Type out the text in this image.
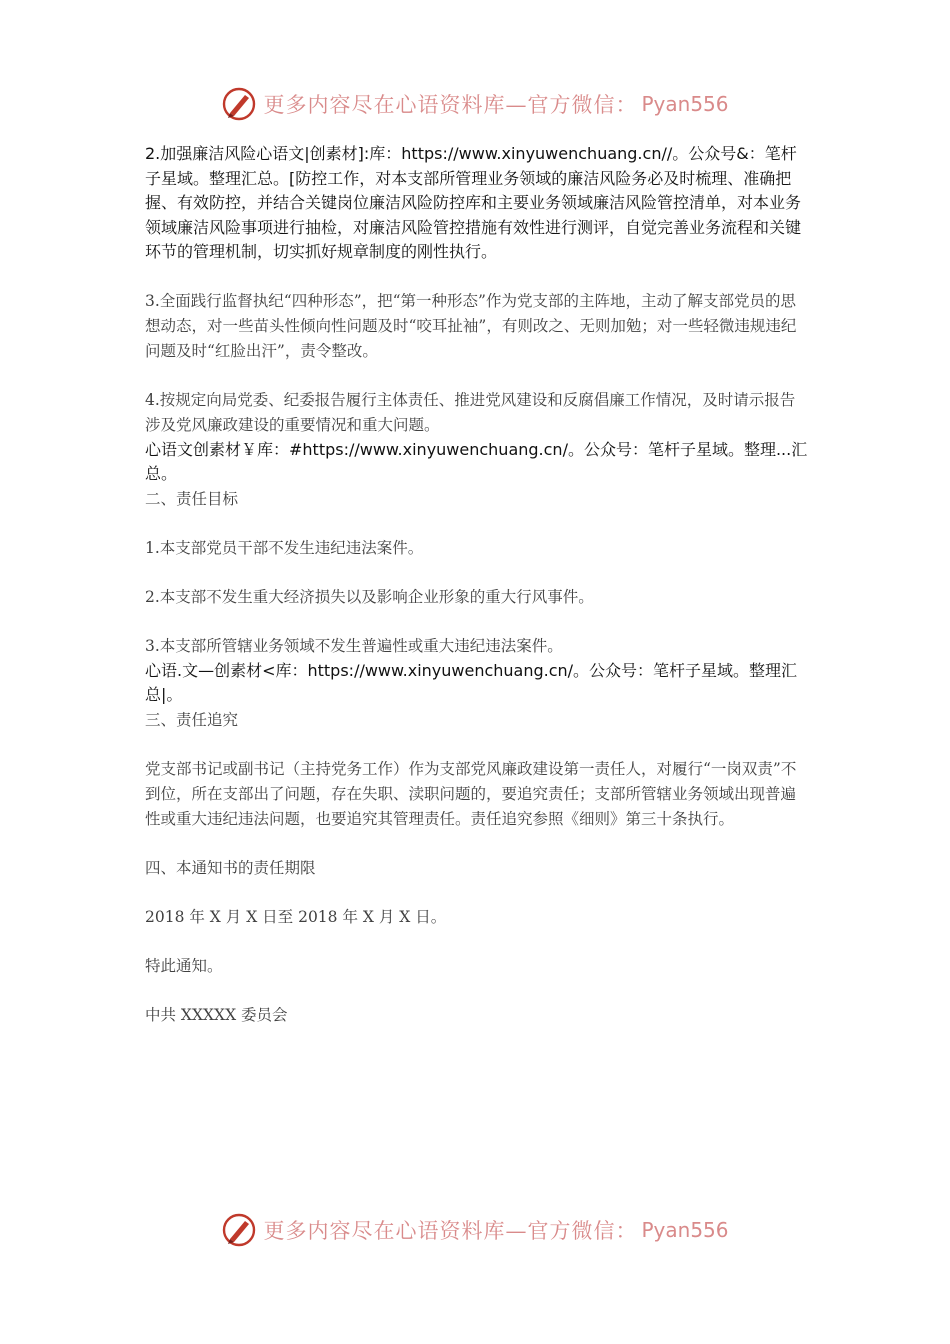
更多内容尽在心语资料库—官方微信： Pyan556
2.加强廉洁风险心语文|创素材]:库：https://www.xinyuwenchuang.cn//。公众号&：笔杆子星域。整理汇总。[防控工作，对本支部所管理业务领域的廉洁风险务必及时梳理、准确把握、有效防控，并结合关键岗位廉洁风险防控库和主要业务领域廉洁风险管控清单，对本业务领域廉洁风险事项进行抽检，对廉洁风险管控措施有效性进行测评，自觉完善业务流程和关键环节的管理机制，切实抓好规章制度的刚性执行。
3.全面践行监督执纪“四种形态”，把“第一种形态”作为党支部的主阵地，主动了解支部党员的思想动态，对一些苗头性倾向性问题及时“咬耳扯袖”，有则改之、无则加勉；对一些轻微违规违纪问题及时“红脸出汗”，责令整改。
4.按规定向局党委、纪委报告履行主体责任、推进党风建设和反腐倡廉工作情况，及时请示报告涉及党风廉政建设的重要情况和重大问题。
心语文创素材￥库：#https://www.xinyuwenchuang.cn/。公众号：笔杆子星域。整理...汇总。
二、责任目标
1.本支部党员干部不发生违纪违法案件。
2.本支部不发生重大经济损失以及影响企业形象的重大行风事件。
3.本支部所管辖业务领域不发生普遍性或重大违纪违法案件。
心语.文—创素材<库：https://www.xinyuwenchuang.cn/。公众号：笔杆子星域。整理汇总|。
三、责任追究
党支部书记或副书记（主持党务工作）作为支部党风廉政建设第一责任人，对履行“一岗双责”不到位，所在支部出了问题，存在失职、渎职问题的，要追究责任；支部所管辖业务领域出现普遍性或重大违纪违法问题，也要追究其管理责任。责任追究参照《细则》第三十条执行。
四、本通知书的责任期限
2018 年 X 月 X 日至 2018 年 X 月 X 日。
特此通知。
中共 XXXXX 委员会
更多内容尽在心语资料库—官方微信： Pyan556
